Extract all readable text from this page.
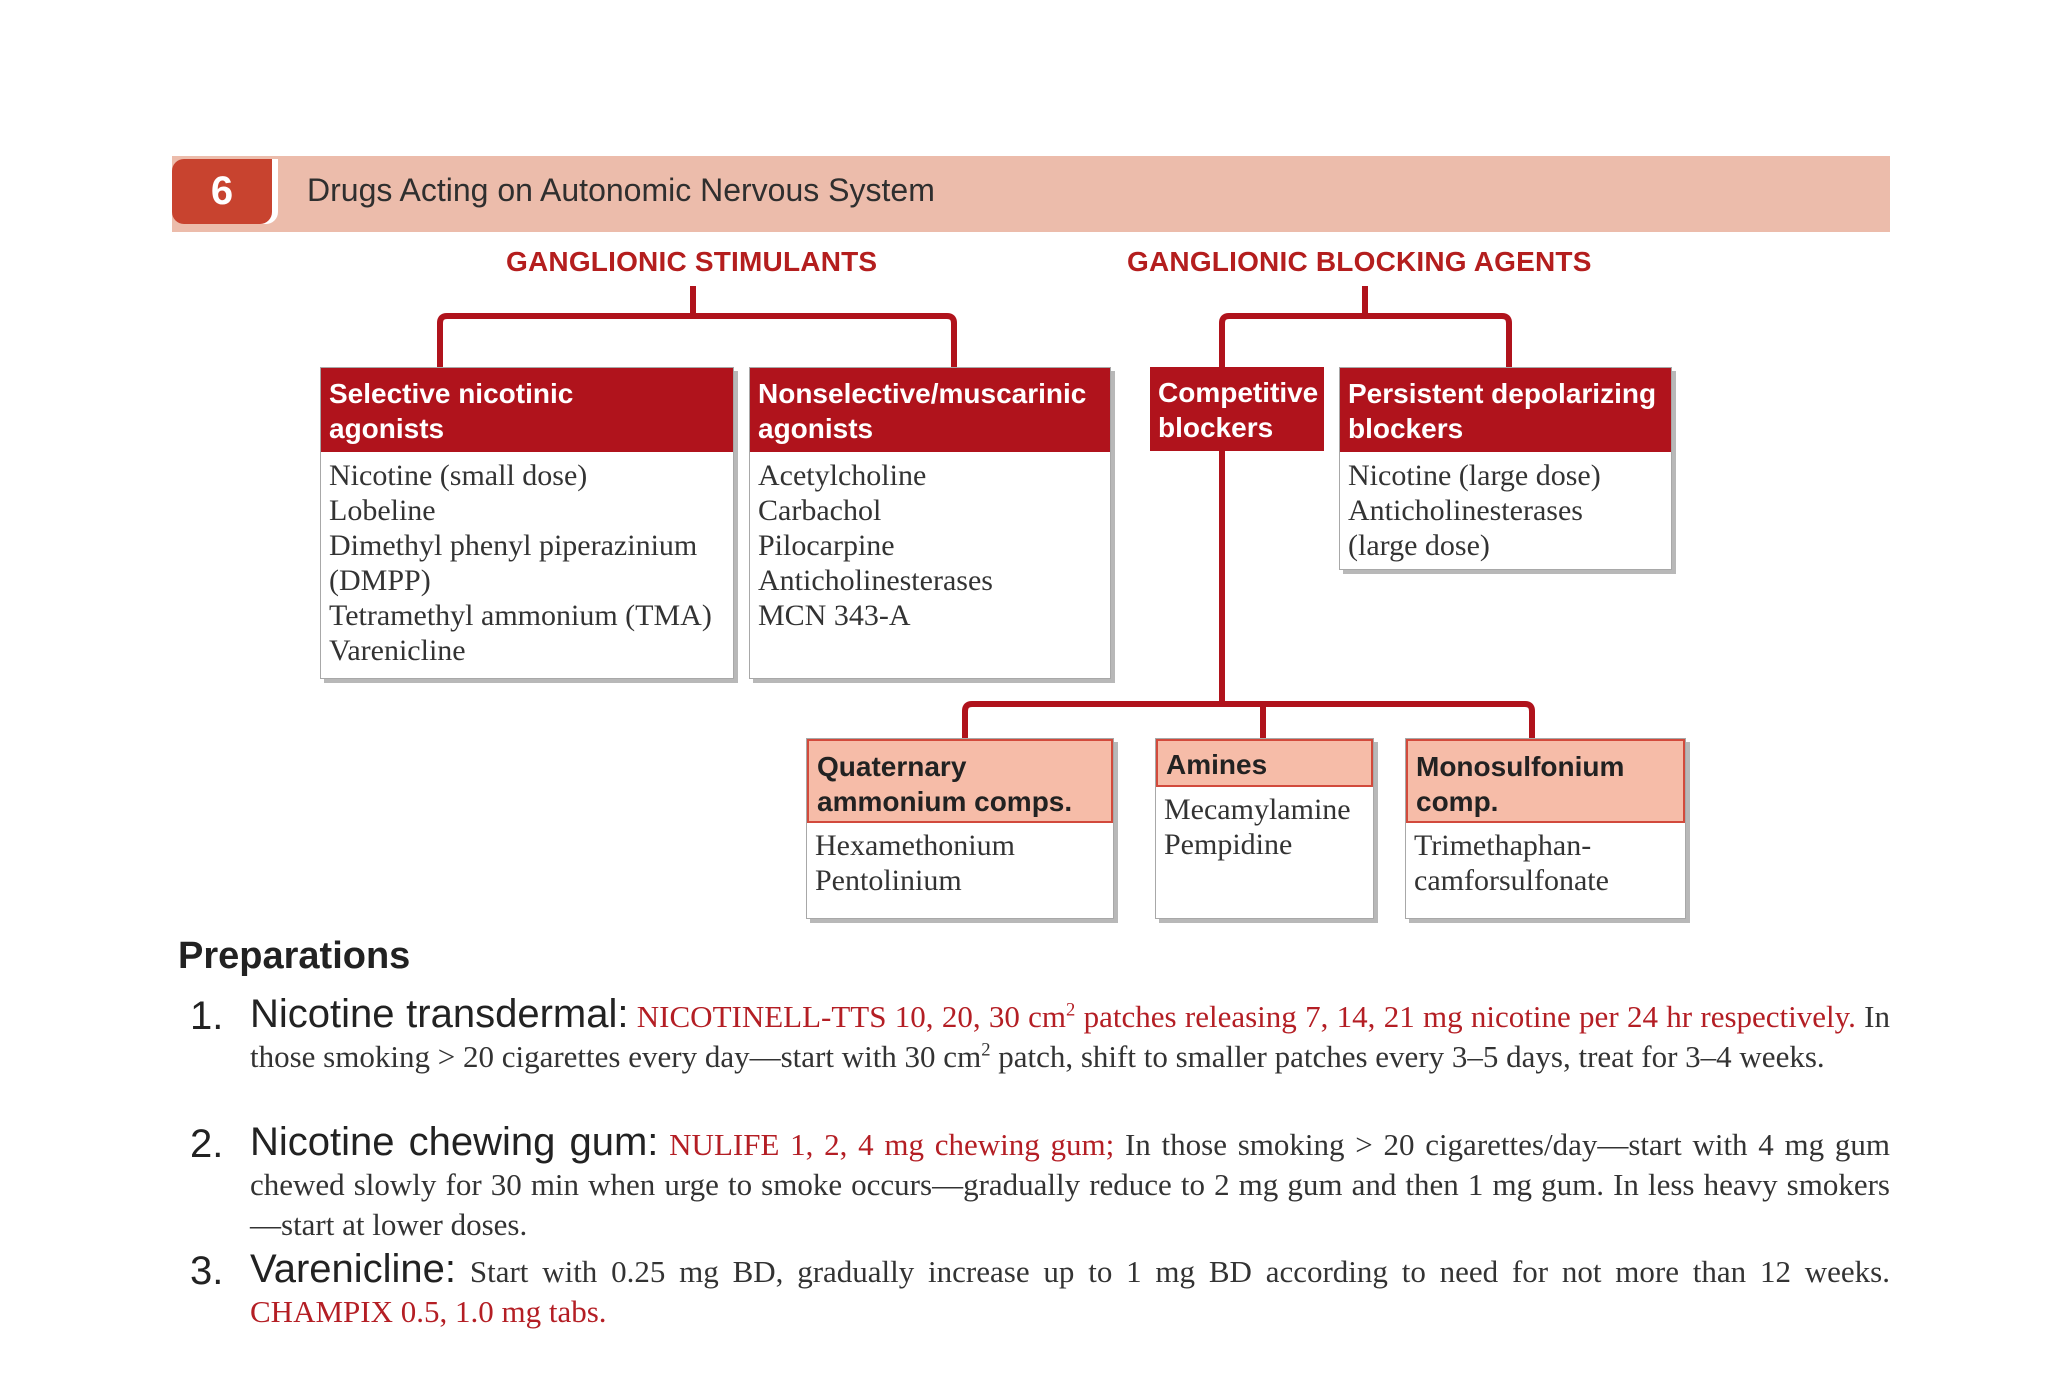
6	Drugs Acting on Autonomic Nervous System
GANGLIONIC STIMULANTS	GANGLIONIC BLOCKING AGENTS
Selective nicotinic
agonists
Nicotine (small dose)
Lobeline
Dimethyl phenyl piperazinium
(DMPP)
Tetramethyl ammonium (TMA)
Varenicline
Nonselective/muscarinic
agonists
Acetylcholine
Carbachol
Pilocarpine
Anticholinesterases
MCN 343-A
Competitive
blockers
Persistent depolarizing
blockers
Nicotine (large dose)
Anticholinesterases
(large dose)
Quaternary
ammonium comps.
Hexamethonium
Pentolinium
Amines
Mecamylamine
Pempidine
Monosulfonium
comp.
Trimethaphan-
camforsulfonate
Preparations
1. Nicotine transdermal: NICOTINELL-TTS 10, 20, 30 $cm^2$ patches releasing 7, 14, 21 mg nicotine per 24 hr respectively. In those smoking > 20 cigarettes every day—start with 30 $cm^2$ patch, shift to smaller patches every 3–5 days, treat for 3–4 weeks.
2. Nicotine chewing gum: NULIFE 1, 2, 4 mg chewing gum; In those smoking > 20 cigarettes/day—start with 4 mg gum chewed slowly for 30 min when urge to smoke occurs—gradually reduce to 2 mg gum and then 1 mg gum. In less heavy smokers—start at lower doses.
3. Varenicline: Start with 0.25 mg BD, gradually increase up to 1 mg BD according to need for not more than 12 weeks. CHAMPIX 0.5, 1.0 mg tabs.
